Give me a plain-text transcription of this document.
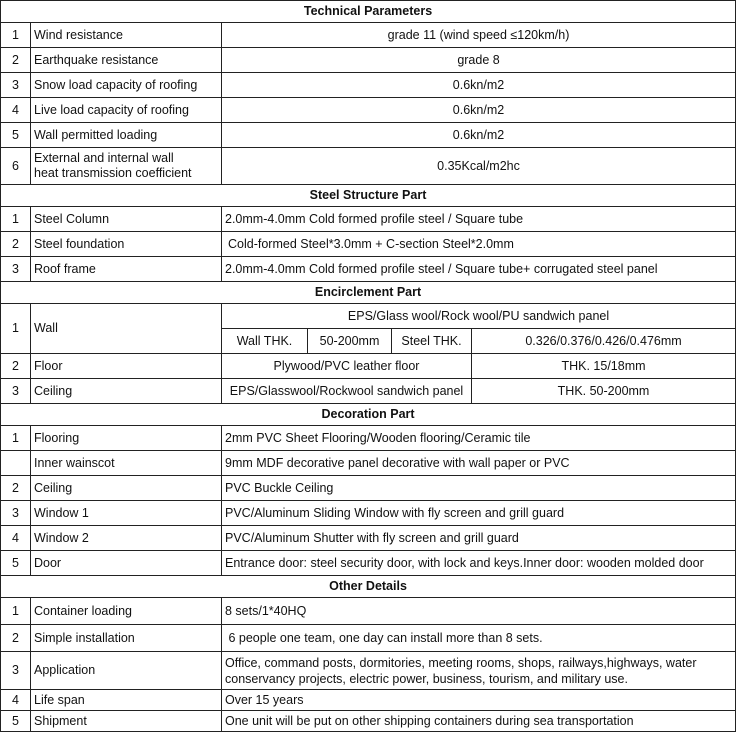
Technical Parameters					
1	Wind resistance	grade 11 (wind speed ≤120km/h)			
2	Earthquake resistance	grade 8			
3	Snow load capacity of roofing	0.6kn/m2			
4	Live load capacity of roofing	0.6kn/m2			
5	Wall permitted loading	0.6kn/m2			
6	External and internal wall
heat transmission coefficient	0.35Kcal/m2hc			
Steel Structure Part					
1	Steel Column	2.0mm-4.0mm Cold formed profile steel / Square tube			
2	Steel foundation	Cold-formed Steel*3.0mm + C-section Steel*2.0mm			
3	Roof frame	2.0mm-4.0mm Cold formed profile steel / Square tube+ corrugated steel panel			
Encirclement Part					
1	Wall	EPS/Glass wool/Rock wool/PU sandwich panel			
		Wall THK.	50-200mm	Steel THK.	0.326/0.376/0.426/0.476mm
2	Floor	Plywood/PVC leather floor			THK. 15/18mm
3	Ceiling	EPS/Glasswool/Rockwool sandwich panel			THK. 50-200mm
Decoration Part					
1	Flooring	2mm PVC Sheet Flooring/Wooden flooring/Ceramic tile			
	Inner wainscot	9mm MDF decorative panel decorative with wall paper or PVC			
2	Ceiling	PVC Buckle Ceiling			
3	Window 1	PVC/Aluminum Sliding Window with fly screen and grill guard			
4	Window 2	PVC/Aluminum Shutter with fly screen and grill guard			
5	Door	Entrance door: steel security door, with lock and keys.Inner door: wooden molded door			
Other Details					
1	Container loading	8 sets/1*40HQ			
2	Simple installation	6 people one team, one day can install more than 8 sets.			
3	Application	Office, command posts, dormitories, meeting rooms, shops, railways,highways, water conservancy projects, electric power, business, tourism, and military use.			
4	Life span	Over 15 years			
5	Shipment	One unit will be put on other shipping containers during sea transportation			
